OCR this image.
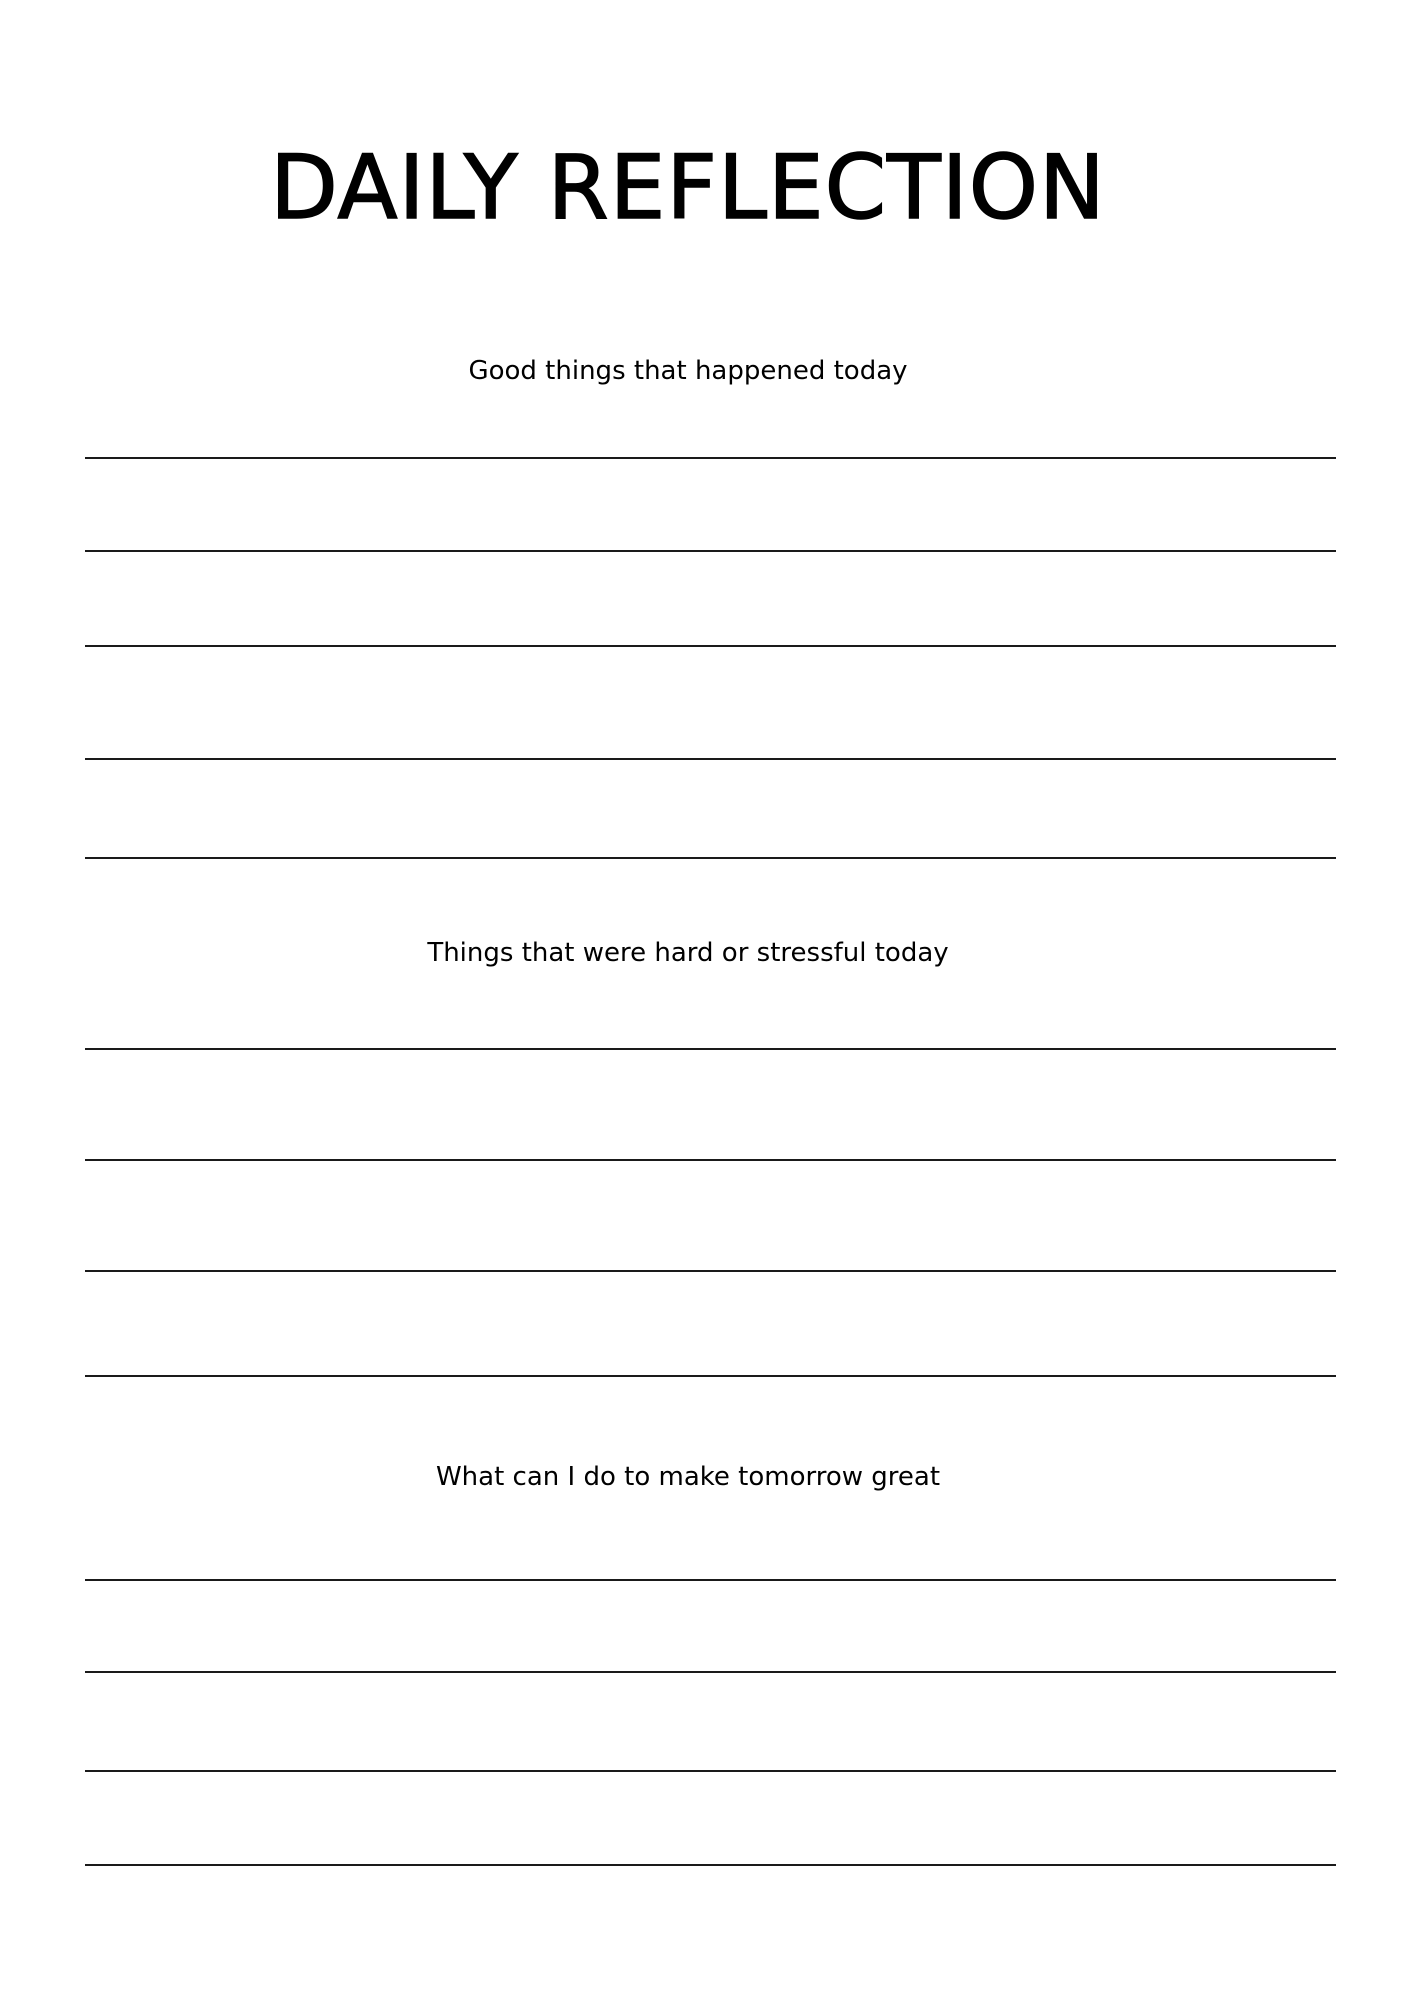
DAILY REFLECTION
Good things that happened today
Things that were hard or stressful today
What can I do to make tomorrow great
